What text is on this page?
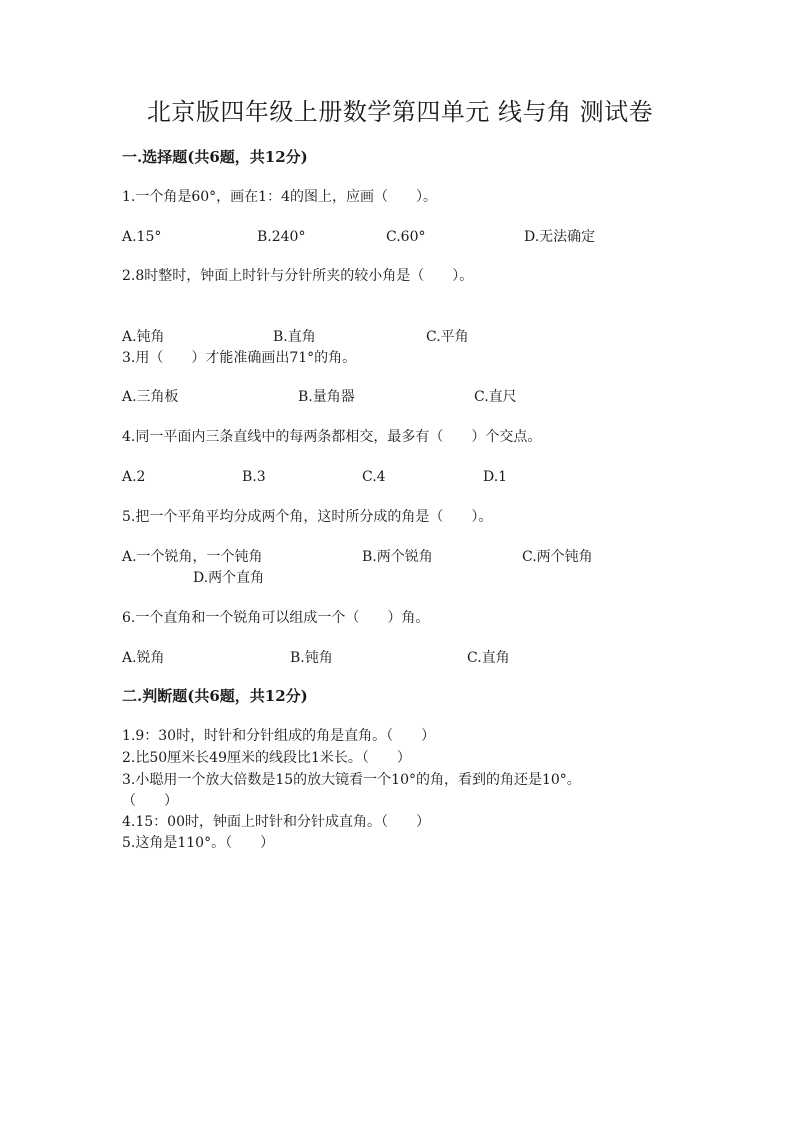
北京版四年级上册数学第四单元 线与角 测试卷
一.选择题(共6题，共12分)
1.一个角是60°，画在1：4的图上，应画（　　）。
A.15°	B.240°	C.60°	D.无法确定
2.8时整时，钟面上时针与分针所夹的较小角是（　　）。
A.钝角	B.直角	C.平角
3.用（　　）才能准确画出71°的角。
A.三角板	B.量角器	C.直尺
4.同一平面内三条直线中的每两条都相交，最多有（　　）个交点。
A.2	B.3	C.4	D.1
5.把一个平角平均分成两个角，这时所分成的角是（　　）。
A.一个锐角，一个钝角	B.两个锐角	C.两个钝角
D.两个直角
6.一个直角和一个锐角可以组成一个（　　）角。
A.锐角	B.钝角	C.直角
二.判断题(共6题，共12分)
1.9：30时，时针和分针组成的角是直角。（　　）
2.比50厘米长49厘米的线段比1米长。（　　）
3.小聪用一个放大倍数是15的放大镜看一个10°的角，看到的角还是10°。
（　　）
4.15：00时，钟面上时针和分针成直角。（　　）
5.这角是110°。（　　）
